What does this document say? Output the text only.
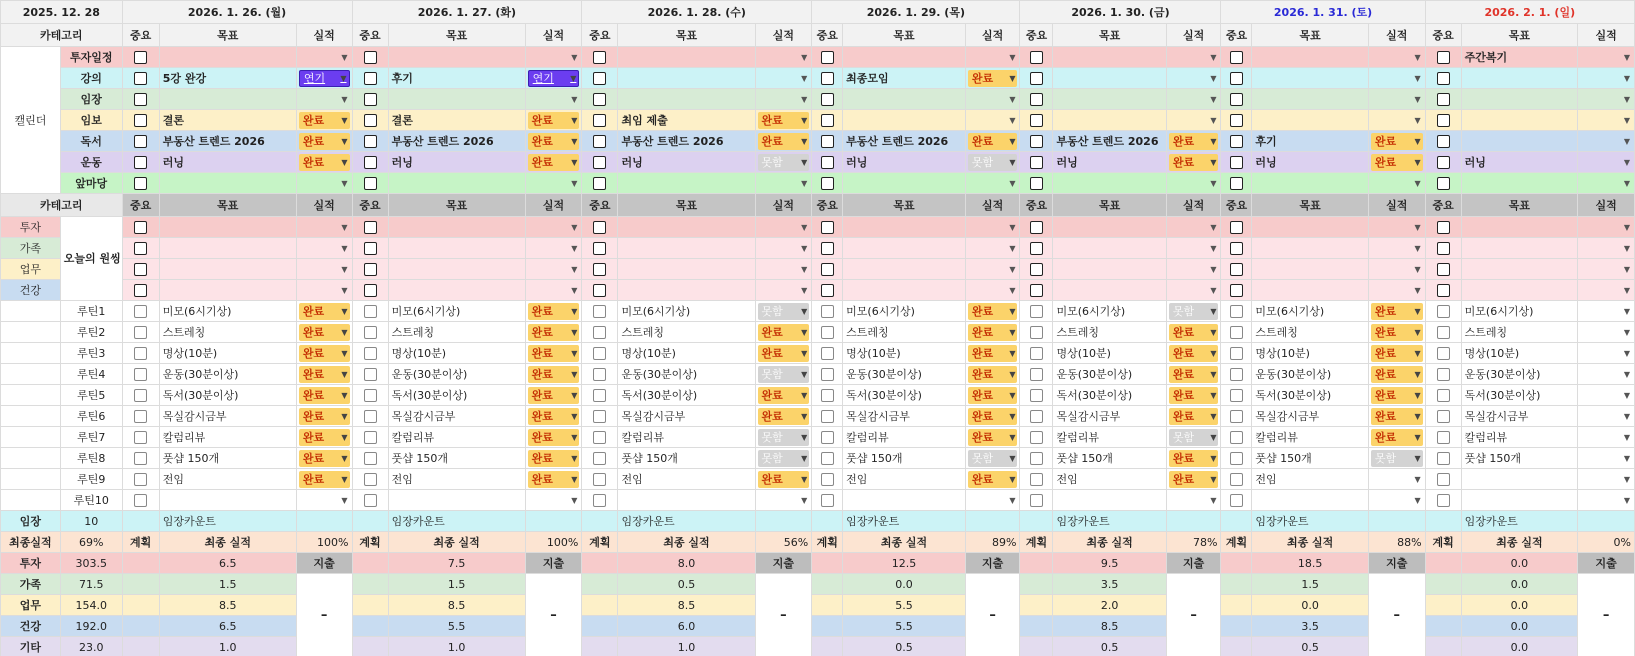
2025. 12. 28		2026. 1. 26. (월)			2026. 1. 27. (화)			2026. 1. 28. (수)			2026. 1. 29. (목)			2026. 1. 30. (금)			2026. 1. 31. (토)			2026. 2. 1. (일)		
카테고리		중요	목표	실적	중요	목표	실적	중요	목표	실적	중요	목표	실적	중요	목표	실적	중요	목표	실적	중요	목표	실적
캘린더	투자일정			▼			▼			▼			▼			▼			▼		주간복기	▼

	강의		5강 완강	연기 ▼		후기	연기 ▼			▼		최종모임	완료 ▼			▼			▼			▼

	임장			▼			▼			▼			▼			▼			▼			▼

	임보		결론	완료 ▼		결론	완료 ▼		최임 제출	완료 ▼			▼			▼			▼			▼

	독서		부동산 트렌드 2026	완료 ▼		부동산 트렌드 2026	완료 ▼		부동산 트렌드 2026	완료 ▼		부동산 트렌드 2026	완료 ▼		부동산 트렌드 2026	완료 ▼		후기	완료 ▼			▼

	운동		러닝	완료 ▼		러닝	완료 ▼		러닝	못함 ▼		러닝	못함 ▼		러닝	완료 ▼		러닝	완료 ▼		러닝	▼

	앞마당			▼			▼			▼			▼			▼			▼			▼

카테고리		중요	목표	실적	중요	목표	실적	중요	목표	실적	중요	목표	실적	중요	목표	실적	중요	목표	실적	중요	목표	실적
투자	오늘의 원씽			▼			▼			▼			▼			▼			▼			▼

가족				▼			▼			▼			▼			▼			▼			▼

업무				▼			▼			▼			▼			▼			▼			▼

건강				▼			▼			▼			▼			▼			▼			▼

	루틴1		미모(6시기상)	완료 ▼		미모(6시기상)	완료 ▼		미모(6시기상)	못함 ▼		미모(6시기상)	완료 ▼		미모(6시기상)	못함 ▼		미모(6시기상)	완료 ▼		미모(6시기상)	▼

	루틴2		스트레칭	완료 ▼		스트레칭	완료 ▼		스트레칭	완료 ▼		스트레칭	완료 ▼		스트레칭	완료 ▼		스트레칭	완료 ▼		스트레칭	▼

	루틴3		명상(10분)	완료 ▼		명상(10분)	완료 ▼		명상(10분)	완료 ▼		명상(10분)	완료 ▼		명상(10분)	완료 ▼		명상(10분)	완료 ▼		명상(10분)	▼

	루틴4		운동(30분이상)	완료 ▼		운동(30분이상)	완료 ▼		운동(30분이상)	못함 ▼		운동(30분이상)	완료 ▼		운동(30분이상)	완료 ▼		운동(30분이상)	완료 ▼		운동(30분이상)	▼

	루틴5		독서(30분이상)	완료 ▼		독서(30분이상)	완료 ▼		독서(30분이상)	완료 ▼		독서(30분이상)	완료 ▼		독서(30분이상)	완료 ▼		독서(30분이상)	완료 ▼		독서(30분이상)	▼

	루틴6		목실감시금부	완료 ▼		목실감시금부	완료 ▼		목실감시금부	완료 ▼		목실감시금부	완료 ▼		목실감시금부	완료 ▼		목실감시금부	완료 ▼		목실감시금부	▼

	루틴7		칼럼리뷰	완료 ▼		칼럼리뷰	완료 ▼		칼럼리뷰	못함 ▼		칼럼리뷰	완료 ▼		칼럼리뷰	못함 ▼		칼럼리뷰	완료 ▼		칼럼리뷰	▼

	루틴8		풋샵 150개	완료 ▼		풋샵 150개	완료 ▼		풋샵 150개	못함 ▼		풋샵 150개	못함 ▼		풋샵 150개	완료 ▼		풋샵 150개	못함 ▼		풋샵 150개	▼

	루틴9		전임	완료 ▼		전임	완료 ▼		전임	완료 ▼		전임	완료 ▼		전임	완료 ▼		전임	▼			▼

	루틴10			▼			▼			▼			▼			▼			▼			▼

임장	10		임장카운트			임장카운트			임장카운트			임장카운트			임장카운트			임장카운트			임장카운트	
최종실적	69%	계획	최종 실적	100%	계획	최종 실적	100%	계획	최종 실적	56%	계획	최종 실적	89%	계획	최종 실적	78%	계획	최종 실적	88%	계획	최종 실적	0%
투자	303.5		6.5	지출		7.5	지출		8.0	지출		12.5	지출		9.5	지출		18.5	지출		0.0	지출
가족	71.5		1.5	–		1.5	–		0.5	–		0.0	–		3.5	–		1.5	–		0.0	–
업무	154.0		8.5			8.5			8.5			5.5			2.0			0.0			0.0	
건강	192.0		6.5			5.5			6.0			5.5			8.5			3.5			0.0	
기타	23.0		1.0			1.0			1.0			0.5			0.5			0.5			0.0	
